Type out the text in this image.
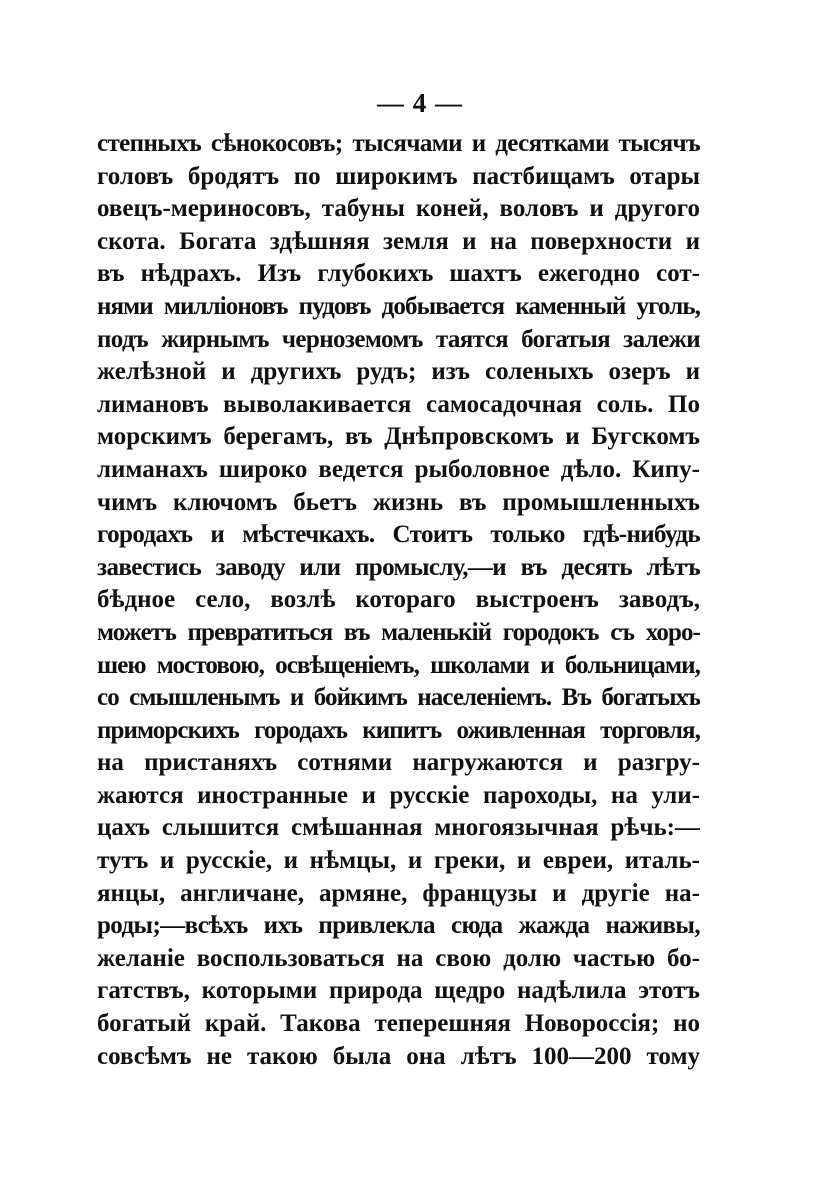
— 4 —
степныхъ сѣнокосовъ; тысячами и десятками тысячъ
головъ бродятъ по широкимъ пастбищамъ отары
овецъ-мериносовъ, табуны коней, воловъ и другого
скота. Богата здѣшняя земля и на поверхности и
въ нѣдрахъ. Изъ глубокихъ шахтъ ежегодно сот-
нями милліоновъ пудовъ добывается каменный уголь,
подъ жирнымъ черноземомъ таятся богатыя залежи
желѣзной и другихъ рудъ; изъ соленыхъ озеръ и
лимановъ выволакивается самосадочная соль. По
морскимъ берегамъ, въ Днѣпровскомъ и Бугскомъ
лиманахъ широко ведется рыболовное дѣло. Кипу-
чимъ ключомъ бьетъ жизнь въ промышленныхъ
городахъ и мѣстечкахъ. Стоитъ только гдѣ-нибудь
завестись заводу или промыслу,—и въ десять лѣтъ
бѣдное село, возлѣ котораго выстроенъ заводъ,
можетъ превратиться въ маленькій городокъ съ хоро-
шею мостовою, освѣщеніемъ, школами и больницами,
со смышленымъ и бойкимъ населеніемъ. Въ богатыхъ
приморскихъ городахъ кипитъ оживленная торговля,
на пристаняхъ сотнями нагружаются и разгру-
жаются иностранные и русскіе пароходы, на ули-
цахъ слышится смѣшанная многоязычная рѣчь:—
тутъ и русскіе, и нѣмцы, и греки, и евреи, италь-
янцы, англичане, армяне, французы и другіе на-
роды;—всѣхъ ихъ привлекла сюда жажда наживы,
желаніе воспользоваться на свою долю частью бо-
гатствъ, которыми природа щедро надѣлила этотъ
богатый край. Такова теперешняя Новороссія; но
совсѣмъ не такою была она лѣтъ 100—200 тому
